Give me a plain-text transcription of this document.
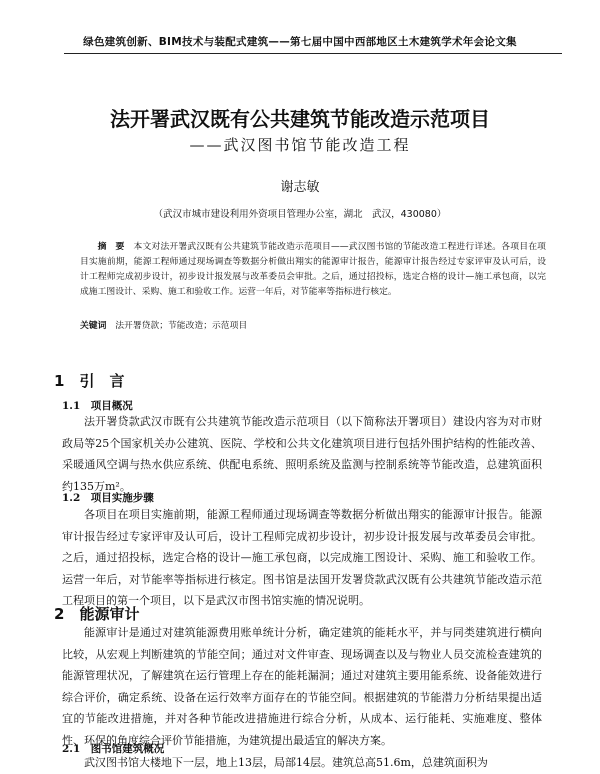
绿色建筑创新、BIM技术与装配式建筑——第七届中国中西部地区土木建筑学术年会论文集
法开署武汉既有公共建筑节能改造示范项目
——武汉图书馆节能改造工程
谢志敏
（武汉市城市建设利用外资项目管理办公室，湖北　武汉，430080）
摘　要　 本文对法开署武汉既有公共建筑节能改造示范项目——武汉图书馆的节能改造工程进行详述。各项目在项目实施前期，能源工程师通过现场调查等数据分析做出翔实的能源审计报告，能源审计报告经过专家评审及认可后，设计工程师完成初步设计，初步设计报发展与改革委员会审批。之后，通过招投标，选定合格的设计—施工承包商，以完成施工图设计、采购、施工和验收工作。运营一年后，对节能率等指标进行核定。
关键词　 法开署贷款；节能改造；示范项目
1　 引　言
1.1　项目概况
法开署贷款武汉市既有公共建筑节能改造示范项目（以下简称法开署项目）建设内容为对市财政局等25个国家机关办公建筑、医院、学校和公共文化建筑项目进行包括外围护结构的性能改善、采暖通风空调与热水供应系统、供配电系统、照明系统及监测与控制系统等节能改造，总建筑面积约135万m²。
1.2　项目实施步骤
各项目在项目实施前期，能源工程师通过现场调查等数据分析做出翔实的能源审计报告。能源审计报告经过专家评审及认可后，设计工程师完成初步设计，初步设计报发展与改革委员会审批。之后，通过招投标，选定合格的设计—施工承包商，以完成施工图设计、采购、施工和验收工作。运营一年后，对节能率等指标进行核定。图书馆是法国开发署贷款武汉既有公共建筑节能改造示范工程项目的第一个项目，以下是武汉市图书馆实施的情况说明。
2　 能源审计
能源审计是通过对建筑能源费用账单统计分析，确定建筑的能耗水平，并与同类建筑进行横向比较，从宏观上判断建筑的节能空间；通过对文件审查、现场调查以及与物业人员交流检查建筑的能源管理状况，了解建筑在运行管理上存在的能耗漏洞；通过对建筑主要用能系统、设备能效进行综合评价，确定系统、设备在运行效率方面存在的节能空间。根据建筑的节能潜力分析结果提出适宜的节能改进措施，并对各种节能改进措施进行综合分析，从成本、运行能耗、实施难度、整体性、环保的角度综合评价节能措施，为建筑提出最适宜的解决方案。
2.1　图书馆建筑概况
武汉图书馆大楼地下一层，地上13层，局部14层。建筑总高51.6m，总建筑面积为
